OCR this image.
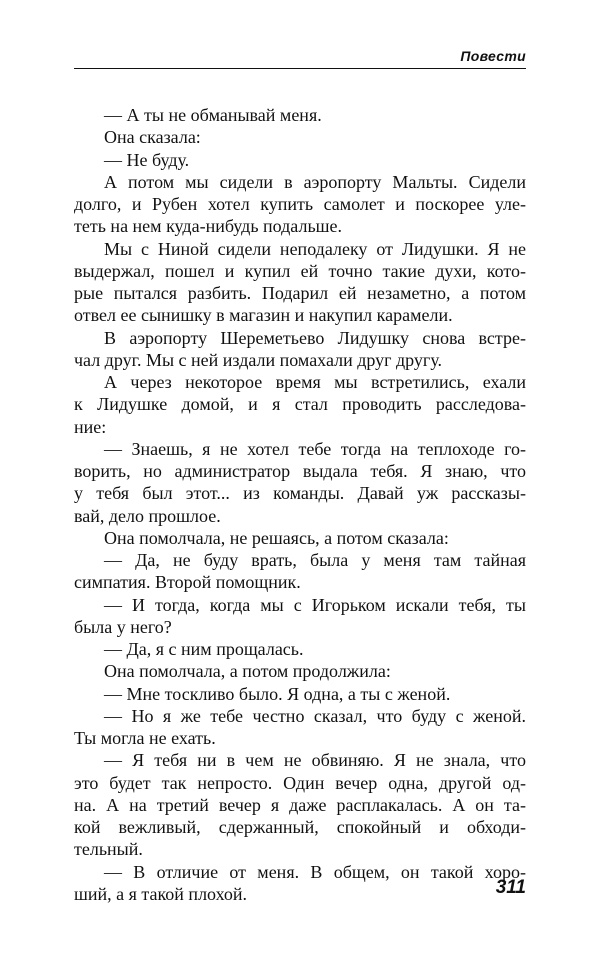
Повести
— А ты не обманывай меня.
Она сказала:
— Не буду.
А потом мы сидели в аэропорту Мальты. Сидели
долго, и Рубен хотел купить самолет и поскорее уле-
теть на нем куда-нибудь подальше.
Мы с Ниной сидели неподалеку от Лидушки. Я не
выдержал, пошел и купил ей точно такие духи, кото-
рые пытался разбить. Подарил ей незаметно, а потом
отвел ее сынишку в магазин и накупил карамели.
В аэропорту Шереметьево Лидушку снова встре-
чал друг. Мы с ней издали помахали друг другу.
А через некоторое время мы встретились, ехали
к Лидушке домой, и я стал проводить расследова-
ние:
— Знаешь, я не хотел тебе тогда на теплоходе го-
ворить, но администратор выдала тебя. Я знаю, что
у тебя был этот... из команды. Давай уж рассказы-
вай, дело прошлое.
Она помолчала, не решаясь, а потом сказала:
— Да, не буду врать, была у меня там тайная
симпатия. Второй помощник.
— И тогда, когда мы с Игорьком искали тебя, ты
была у него?
— Да, я с ним прощалась.
Она помолчала, а потом продолжила:
— Мне тоскливо было. Я одна, а ты с женой.
— Но я же тебе честно сказал, что буду с женой.
Ты могла не ехать.
— Я тебя ни в чем не обвиняю. Я не знала, что
это будет так непросто. Один вечер одна, другой од-
на. А на третий вечер я даже расплакалась. А он та-
кой вежливый, сдержанный, спокойный и обходи-
тельный.
— В отличие от меня. В общем, он такой хоро-
ший, а я такой плохой.	311
